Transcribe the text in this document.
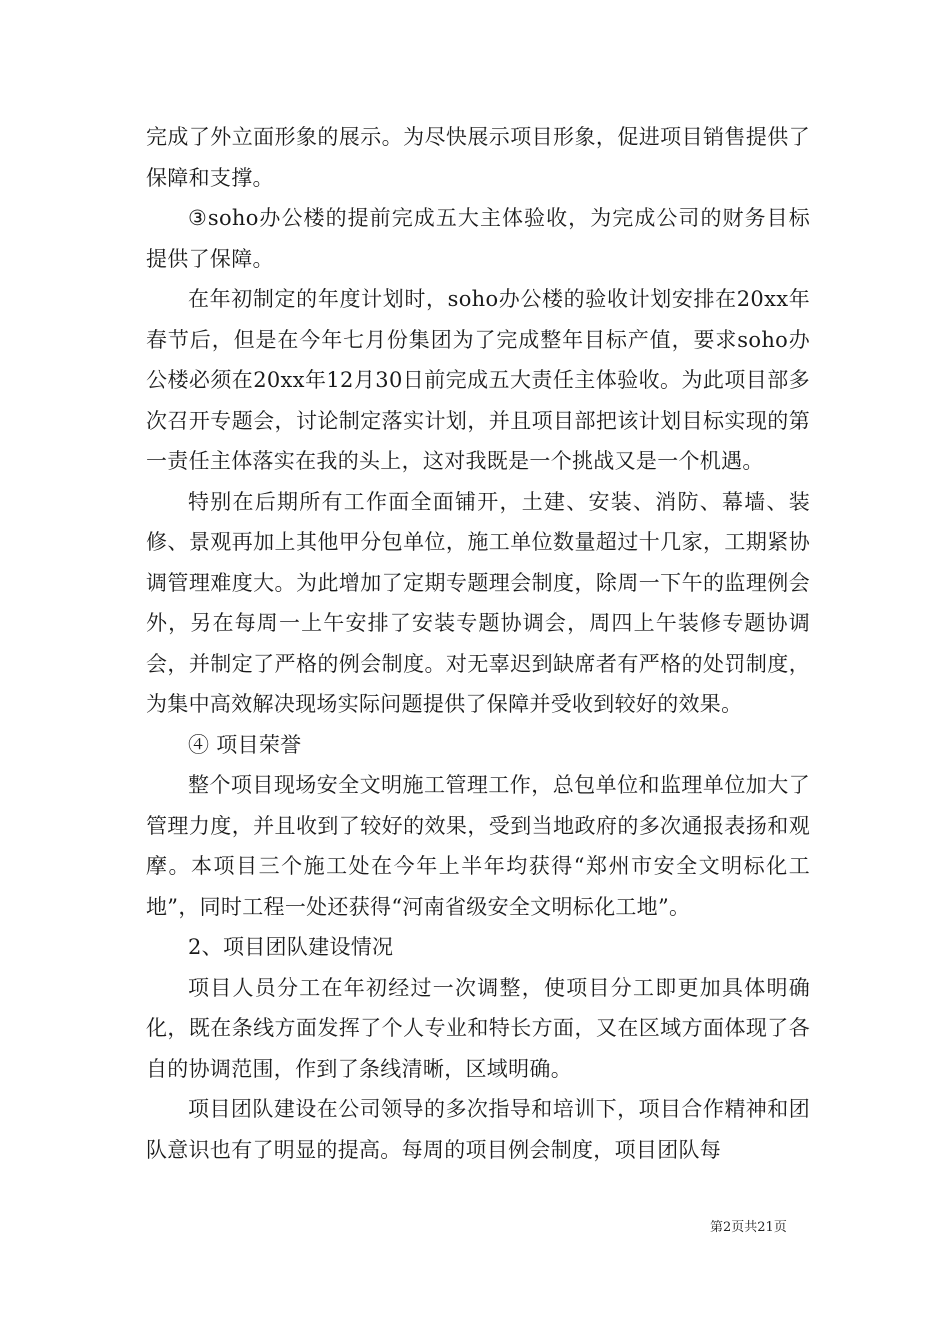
完成了外立面形象的展示。为尽快展示项目形象，促进项目销售提供了保障和支撑。

③soho办公楼的提前完成五大主体验收，为完成公司的财务目标提供了保障。

在年初制定的年度计划时，soho办公楼的验收计划安排在20xx年春节后，但是在今年七月份集团为了完成整年目标产值，要求soho办公楼必须在20xx年12月30日前完成五大责任主体验收。为此项目部多次召开专题会，讨论制定落实计划，并且项目部把该计划目标实现的第一责任主体落实在我的头上，这对我既是一个挑战又是一个机遇。

特别在后期所有工作面全面铺开，土建、安装、消防、幕墙、装修、景观再加上其他甲分包单位，施工单位数量超过十几家，工期紧协调管理难度大。为此增加了定期专题理会制度，除周一下午的监理例会外，另在每周一上午安排了安装专题协调会，周四上午装修专题协调会，并制定了严格的例会制度。对无辜迟到缺席者有严格的处罚制度，为集中高效解决现场实际问题提供了保障并受收到较好的效果。

④ 项目荣誉

整个项目现场安全文明施工管理工作，总包单位和监理单位加大了管理力度，并且收到了较好的效果，受到当地政府的多次通报表扬和观摩。本项目三个施工处在今年上半年均获得“郑州市安全文明标化工地”，同时工程一处还获得“河南省级安全文明标化工地”。

2、项目团队建设情况

项目人员分工在年初经过一次调整，使项目分工即更加具体明确化，既在条线方面发挥了个人专业和特长方面，又在区域方面体现了各自的协调范围，作到了条线清晰，区域明确。

项目团队建设在公司领导的多次指导和培训下，项目合作精神和团队意识也有了明显的提高。每周的项目例会制度，项目团队每

第2页共21页
